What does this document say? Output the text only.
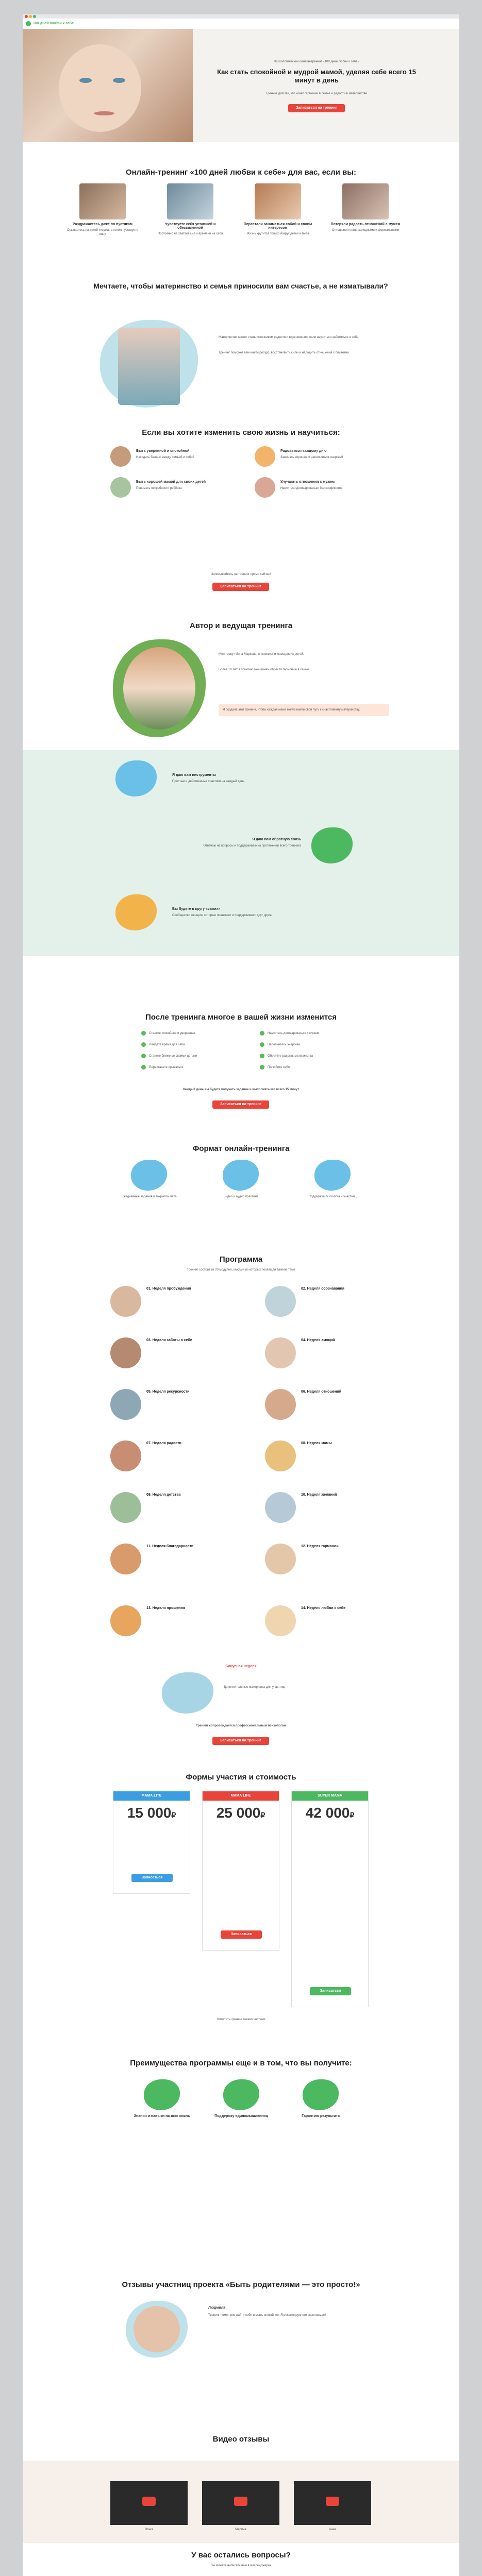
100 дней любви к себе
Психологический онлайн-тренинг «100 дней любви к себе»
Как стать спокойной и мудрой мамой, уделяя себе всего 15 минут в день
Тренинг для тех, кто хочет гармонии в семье и радости в материнстве
Записаться на тренинг
Онлайн-тренинг «100 дней любви к себе» для вас, если вы:
Раздражаетесь даже по пустякам
Срываетесь на детей и мужа, а потом чувствуете вину
Чувствуете себя уставшей и обессиленной
Постоянно не хватает сил и времени на себя
Перестали заниматься собой и своим интересом
Жизнь крутится только вокруг детей и быта
Потеряли радость отношений с мужем
Отношения стали холодными и формальными
Мечтаете, чтобы материнство и семья приносили вам счастье, а не изматывали?
Материнство может стать источником радости и вдохновения, если научиться заботиться о себе.
Тренинг поможет вам найти ресурс, восстановить силы и наладить отношения с близкими.
Если вы хотите изменить свою жизнь и научиться:
Быть уверенной и спокойной
Находить баланс между семьёй и собой
Радоваться каждому дню
Замечать хорошее и наполняться энергией
Быть хорошей мамой для своих детей
Понимать потребности ребёнка
Улучшить отношения с мужем
Научиться договариваться без конфликтов
Записывайтесь на тренинг прямо сейчас!
Записаться на тренинг
Автор и ведущая тренинга
Меня зовут Инна Маркова, я психолог и мама двоих детей.
Более 10 лет я помогаю женщинам обрести гармонию в семье.
Я создала этот тренинг, чтобы каждая мама могла найти свой путь к счастливому материнству.
Я даю вам инструменты
Простые и действенные практики на каждый день
Я даю вам обратную связь
Отвечаю на вопросы и поддерживаю на протяжении всего тренинга
Вы будете в кругу «своих»
Сообщество женщин, которые понимают и поддерживают друг друга
После тренинга многое в вашей жизни изменится
Станете спокойнее и увереннее	Научитесь договариваться с мужем
Найдёте время для себя	Наполнитесь энергией
Станете ближе со своими детьми	Обретёте радость материнства
Перестанете срываться	Полюбите себя
Каждый день вы будете получать задание и выполнять его всего 15 минут
Записаться на тренинг
Формат онлайн-тренинга
Ежедневные задания в закрытом чате	Видео и аудио практики	Поддержка психолога и участниц
Программа
Тренинг состоит из 20 модулей, каждый из которых посвящён важной теме
01. Неделя пробуждения	02. Неделя осознавания
03. Неделя заботы о себе	04. Неделя эмоций
05. Неделя ресурсности	06. Неделя отношений
07. Неделя радости	08. Неделя мамы
09. Неделя детства	10. Неделя желаний
11. Неделя благодарности	12. Неделя гармонии
13. Неделя прощения	14. Неделя любви к себе
Бонусная неделя
Дополнительные материалы для участниц
Тренинг сопровождается профессиональным психологом
Записаться на тренинг
Формы участия и стоимость
МАМА LITE
15 000₽
Записаться
МАМА LIFE
25 000₽
Записаться
SUPER MAMA
42 000₽
Записаться
Оплатить тренинг можно частями
Преимущества программы еще и в том, что вы получите:
Знания и навыки на всю жизнь	Поддержку единомышленниц	Гарантию результата
Отзывы участниц проекта «Быть родителями — это просто!»
Людмила
Тренинг помог мне найти себя и стать спокойнее. Я рекомендую его всем мамам!
Видео отзывы
Ольга	Марина	Анна
У вас остались вопросы?
Вы можете написать нам в мессенджерах
